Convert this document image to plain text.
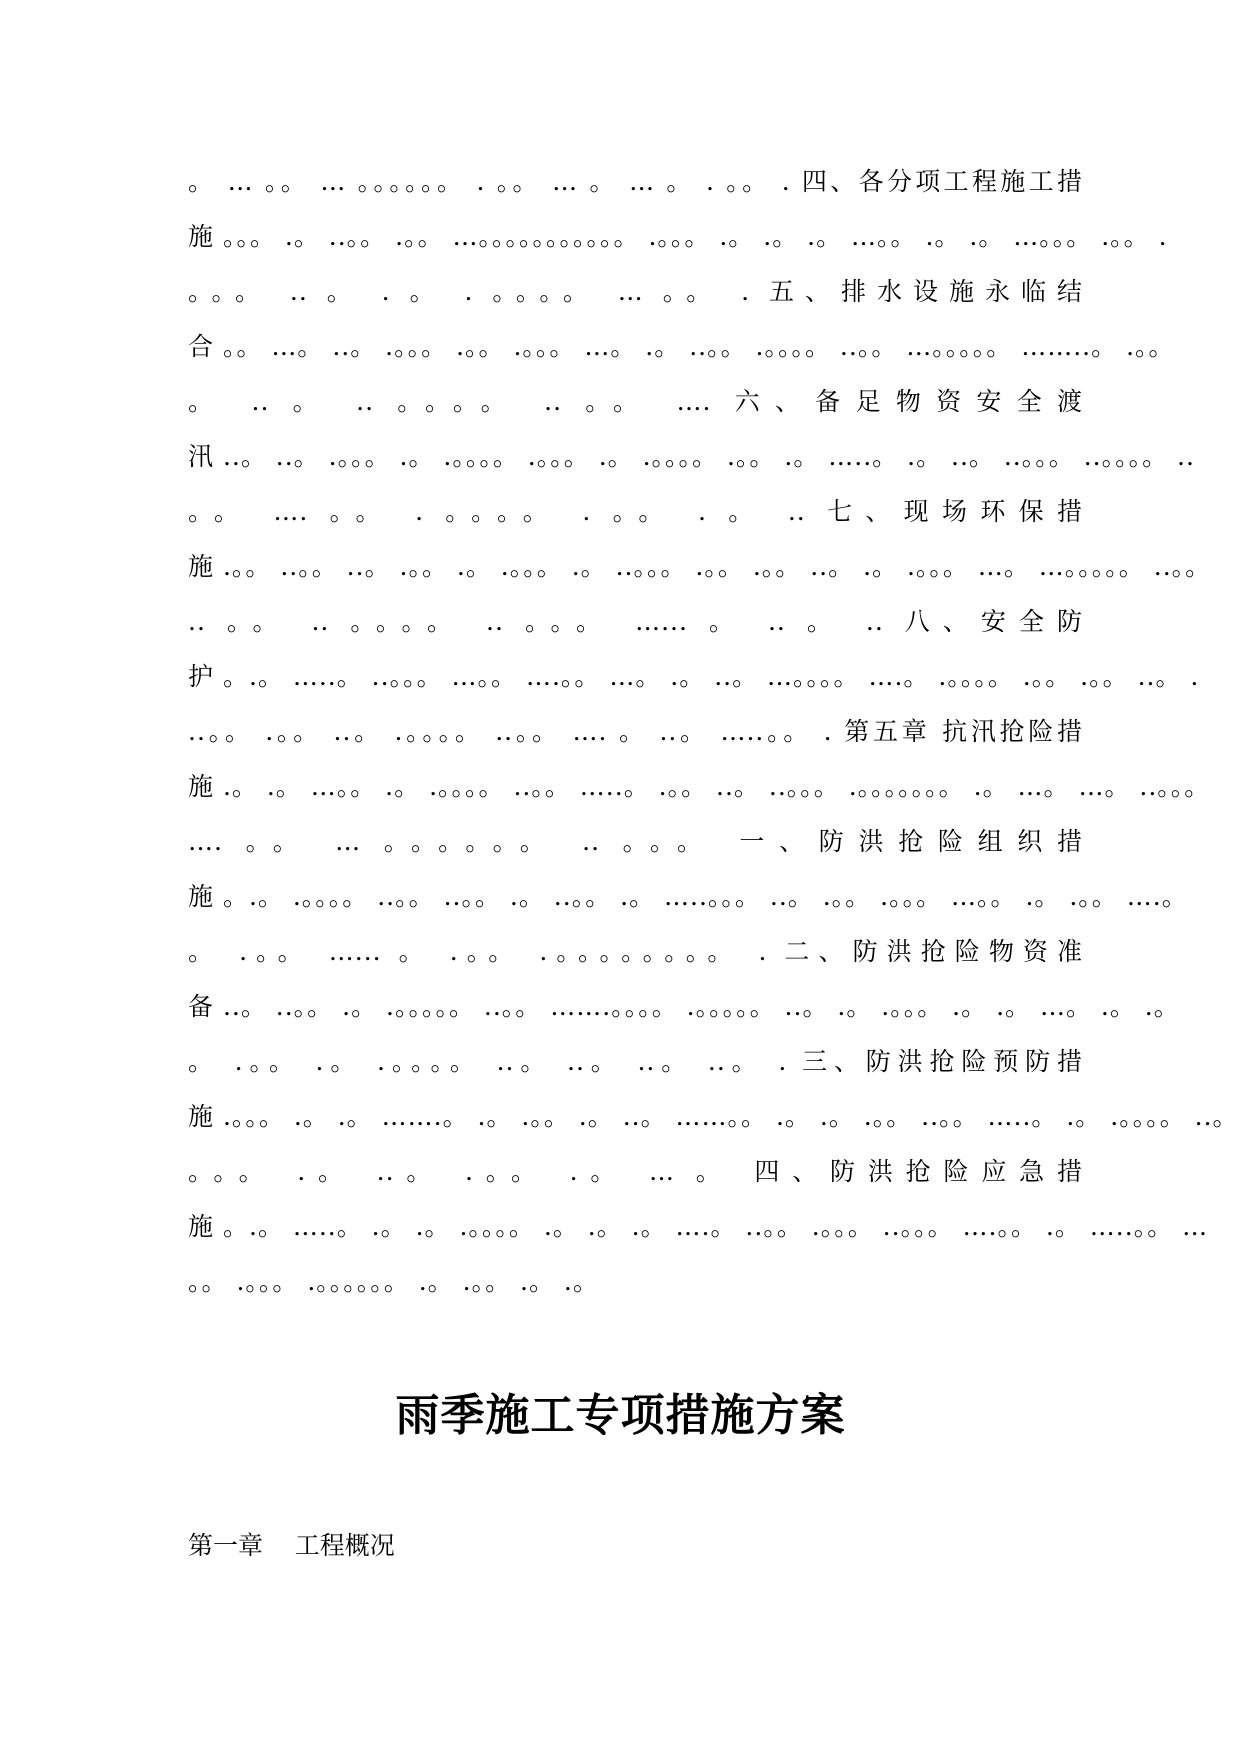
。 … 。。 … 。。。。。。 . 。。 … 。 … 。 . 。。 . 四、各分项工程施工措
施 。。。 .。 ..。。 .。。 …。。。。。。。。。。。 .。。。 .。 .。 .。 …。。 .。 .。 …。。。 .。。 .
。。。 .. 。 . 。 . 。。。。 … 。。 . 五、排水设施永临结
合 。。 …。 ..。 .。。。 .。。 .。。。 …。 .。 ..。。 .。。。。 ..。。 …。。。。。 ……..。 .。。
。 .. 。 .. 。。。。 .. 。。 …. 六、备足物资安全渡
汛 ..。 ..。 .。。。 .。 .。。。。 .。。。 .。 .。。。。 .。。 .。 …..。 .。 ..。 ..。。。 ..。。。。 ..
。。 …. 。。 . 。。。。 . 。。 . 。 .. 七、现场环保措
施 .。。 ..。。 ..。 .。。 .。 .。。。 .。 ..。。。 .。。 .。。 ..。 .。 .。。。 …。 …。。。。。 ..。。
.. 。。 .. 。。。。 .. 。。。 …... 。 .. 。 .. 八、安全防
护 。.。 …..。 ..。。。 …。。 ….。。 …。 .。 ..。 …。。。。 ….。 .。。。。 .。。 .。。 ..。 .
..。。 .。。 ..。 .。。。。 ..。。 …. 。 ..。 …..。。 . 第五章 抗汛抢险措
施 .。 .。 …。。 .。 .。。。。 ..。。 …..。 .。。 ..。 ..。。。 .。。。。。。。 .。 …。 …。 ..。。。
…. 。。 … 。。。。。。 .. 。。。 一、防洪抢险组织措
施 。.。 .。。。。 ..。。 ..。。 .。 ..。。 .。 …..。。。 ..。 .。。 .。。。 …。。 .。 .。。 ….。
。 .。。 …... 。 .。。 .。。。。。。。。 . 二、防洪抢险物资准
备 ..。 ..。。 .。 .。。。。。 ..。。 …….。。。。 .。。。。。 ..。 .。 .。。。 .。 .。 …。 .。 .。
。 .。。 .。 .。。。。 ..。 ..。 ..。 ..。 . 三、防洪抢险预防措
施 .。。。 .。 .。 …….。 .。 .。。 .。 ..。 ……。。 .。 .。 .。。 ..。。 …..。 .。 .。。。。 ..。
。。。 .。 ..。 .。。 .。 … 。 四、防洪抢险应急措
施 。.。 …..。 .。 .。 .。。。。 .。 .。 .。 ….。 ..。。 .。。。 ..。。。 ….。。 .。 …..。。 …
。。 .。。。 .。。。。。。 .。 .。。 .。 .。
雨季施工专项措施方案
第一章    工程概况
